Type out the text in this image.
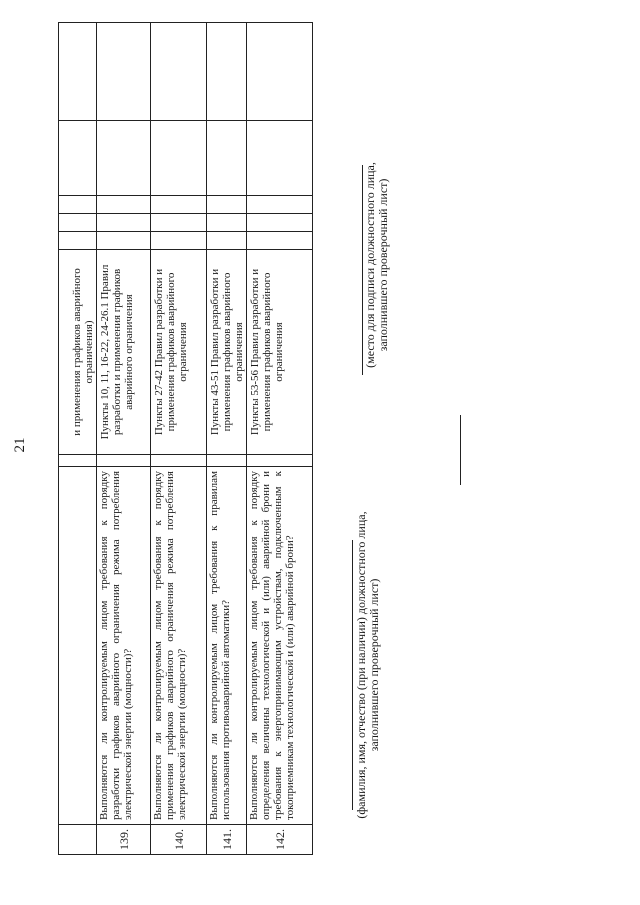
21
			и применения графиков аварийного ограничения)					
139.	Выполняются ли контролируемым лицом требования к порядку разработки графиков аварийного ограничения режима потребления электрической энергии (мощности)?		Пункты 10, 11, 16-22, 24-26.1 Правил разработки и применения графиков аварийного ограничения					
140.	Выполняются ли контролируемым лицом требования к порядку применения графиков аварийного ограничения режима потребления электрической энергии (мощности)?		Пункты 27-42 Правил разработки и применения графиков аварийного ограничения					
141.	Выполняются ли контролируемым лицом требования к правилам использования противоаварийной автоматики?		Пункты 43-51 Правил разработки и применения графиков аварийного ограничения					
142.	Выполняются ли контролируемым лицом требования к порядку определения величины технологической и (или) аварийной брони и требования к энергопринимающим устройствам, подключенным к токоприемникам технологической и (или) аварийной брони?		Пункты 53-56 Правил разработки и применения графиков аварийного ограничения					
(фамилия, имя, отчество (при наличии) должностного лица, заполнившего проверочный лист)
(место для подписи должностного лица, заполнившего проверочный лист)
